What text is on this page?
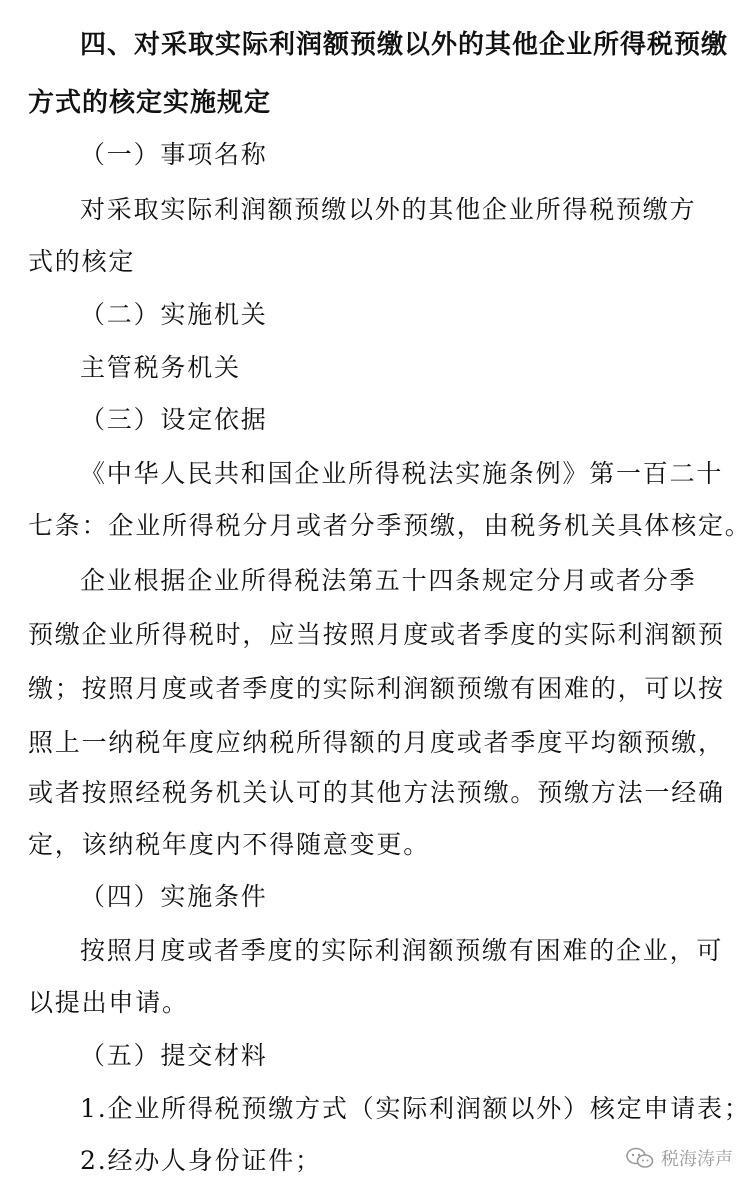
四、对采取实际利润额预缴以外的其他企业所得税预缴
方式的核定实施规定
（一）事项名称
对采取实际利润额预缴以外的其他企业所得税预缴方
式的核定
（二）实施机关
主管税务机关
（三）设定依据
《中华人民共和国企业所得税法实施条例》第一百二十
七条：企业所得税分月或者分季预缴，由税务机关具体核定。
企业根据企业所得税法第五十四条规定分月或者分季
预缴企业所得税时，应当按照月度或者季度的实际利润额预
缴；按照月度或者季度的实际利润额预缴有困难的，可以按
照上一纳税年度应纳税所得额的月度或者季度平均额预缴，
或者按照经税务机关认可的其他方法预缴。预缴方法一经确
定，该纳税年度内不得随意变更。
（四）实施条件
按照月度或者季度的实际利润额预缴有困难的企业，可
以提出申请。
（五）提交材料
1.企业所得税预缴方式（实际利润额以外）核定申请表；
2.经办人身份证件；	税海涛声
